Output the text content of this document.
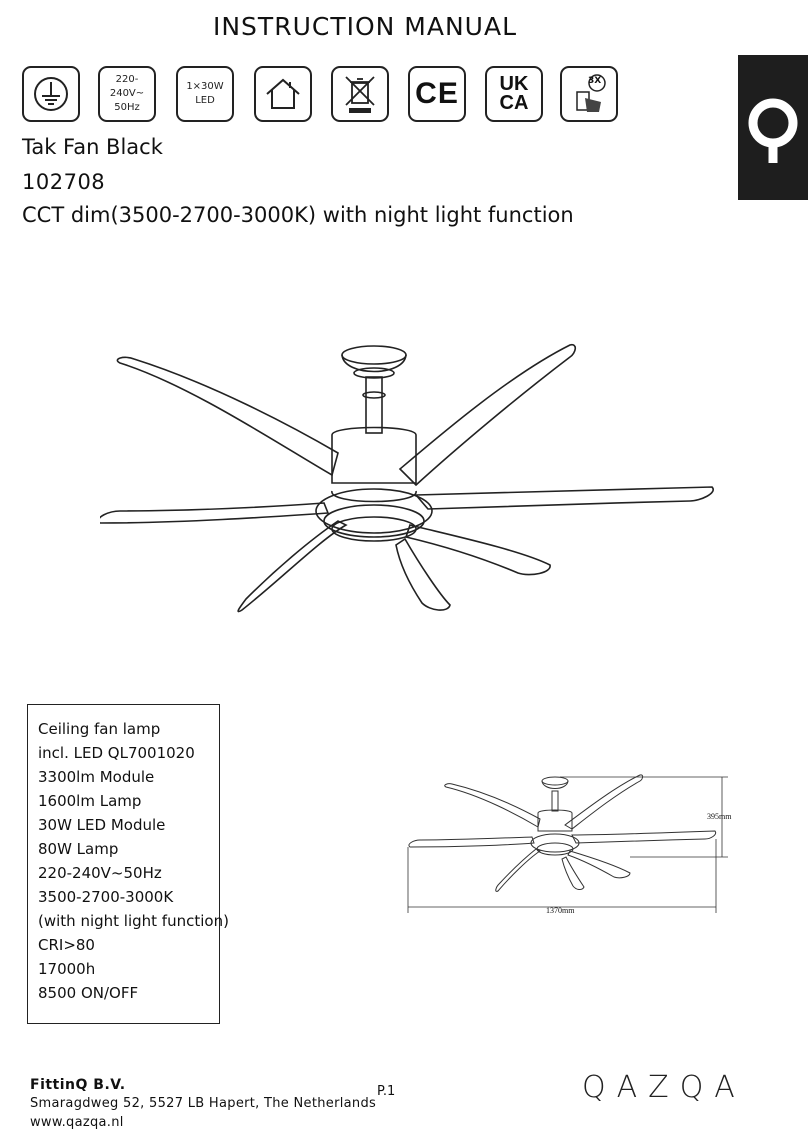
INSTRUCTION MANUAL
220-240V~
50Hz
1×30W
LED	CE UK
CA
3X
Tak Fan Black
102708
CCT dim(3500-2700-3000K) with night light function
Ceiling fan lamp
incl. LED QL7001020
3300lm Module
1600lm Lamp
30W LED Module
80W Lamp
220-240V~50Hz
3500-2700-3000K
(with night light function)
CRI>80
17000h
8500 ON/OFF
395mm
1370mm
FittinQ B.V.
Smaragdweg 52, 5527 LB Hapert, The Netherlands
www.qazqa.nl
P.1	QAZQA
